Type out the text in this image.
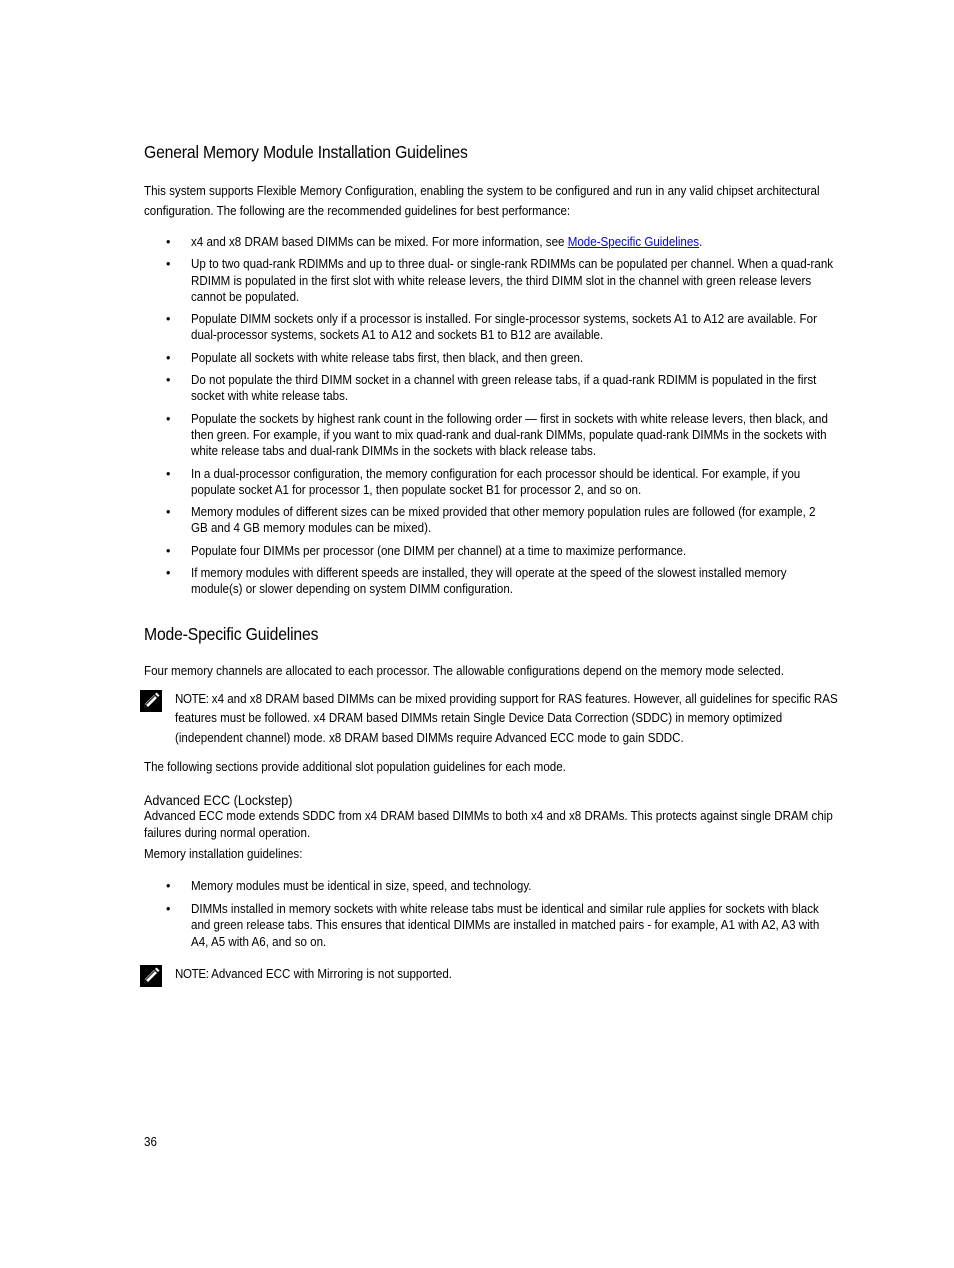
General Memory Module Installation Guidelines

This system supports Flexible Memory Configuration, enabling the system to be configured and run in any valid chipset architectural configuration. The following are the recommended guidelines for best performance:

• x4 and x8 DRAM based DIMMs can be mixed. For more information, see Mode-Specific Guidelines.
• Up to two quad-rank RDIMMs and up to three dual- or single-rank RDIMMs can be populated per channel. When a quad-rank RDIMM is populated in the first slot with white release levers, the third DIMM slot in the channel with green release levers cannot be populated.
• Populate DIMM sockets only if a processor is installed. For single-processor systems, sockets A1 to A12 are available. For dual-processor systems, sockets A1 to A12 and sockets B1 to B12 are available.
• Populate all sockets with white release tabs first, then black, and then green.
• Do not populate the third DIMM socket in a channel with green release tabs, if a quad-rank RDIMM is populated in the first socket with white release tabs.
• Populate the sockets by highest rank count in the following order — first in sockets with white release levers, then black, and then green. For example, if you want to mix quad-rank and dual-rank DIMMs, populate quad-rank DIMMs in the sockets with white release tabs and dual-rank DIMMs in the sockets with black release tabs.
• In a dual-processor configuration, the memory configuration for each processor should be identical. For example, if you populate socket A1 for processor 1, then populate socket B1 for processor 2, and so on.
• Memory modules of different sizes can be mixed provided that other memory population rules are followed (for example, 2 GB and 4 GB memory modules can be mixed).
• Populate four DIMMs per processor (one DIMM per channel) at a time to maximize performance.
• If memory modules with different speeds are installed, they will operate at the speed of the slowest installed memory module(s) or slower depending on system DIMM configuration.
Mode-Specific Guidelines

Four memory channels are allocated to each processor. The allowable configurations depend on the memory mode selected.

NOTE: x4 and x8 DRAM based DIMMs can be mixed providing support for RAS features. However, all guidelines for specific RAS features must be followed. x4 DRAM based DIMMs retain Single Device Data Correction (SDDC) in memory optimized (independent channel) mode. x8 DRAM based DIMMs require Advanced ECC mode to gain SDDC.

The following sections provide additional slot population guidelines for each mode.

Advanced ECC (Lockstep)

Advanced ECC mode extends SDDC from x4 DRAM based DIMMs to both x4 and x8 DRAMs. This protects against single DRAM chip failures during normal operation.

Memory installation guidelines:

• Memory modules must be identical in size, speed, and technology.
• DIMMs installed in memory sockets with white release tabs must be identical and similar rule applies for sockets with black and green release tabs. This ensures that identical DIMMs are installed in matched pairs - for example, A1 with A2, A3 with A4, A5 with A6, and so on.
NOTE: Advanced ECC with Mirroring is not supported.
36
